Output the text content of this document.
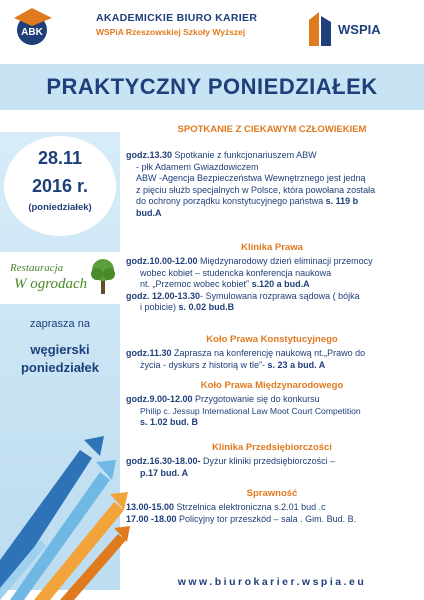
ABK
AKADEMICKIE BIURO KARIER
WSPiA Rzeszowskiej Szkoły Wyższej	WSPIA
PRAKTYCZNY PONIEDZIAŁEK
28.11
2016 r.
(poniedziałek)
Restauracja
W ogrodach
zaprasza na
węgierski
poniedziałek
SPOTKANIE Z CIEKAWYM CZŁOWIEKIEM
godz.13.30 Spotkanie z funkcjonariuszem ABW
- płk Adamem Gwiazdowiczem
ABW -Agencja Bezpieczeństwa Wewnętrznego jest jedną
z pięciu służb specjalnych w Polsce, która powołana została
do ochrony porządku konstytucyjnego państwa s. 119 b
bud.A
Klinika Prawa
godz.10.00-12.00 Międzynarodowy dzień eliminacji przemocy
wobec kobiet – studencka konferencja naukowa
nt. „Przemoc wobec kobiet” s.120 a bud.A
godz. 12.00-13.30- Symulowana rozprawa sądowa ( bójka
i pobicie) s. 0.02 bud.B
Koło Prawa Konstytucyjnego
godz.11.30 Zaprasza na konferencję naukową nt.„Prawo do
życia - dyskurs z historią w tle”- s. 23 a bud. A
Koło Prawa Międzynarodowego
godz.9.00-12.00 Przygotowanie się do konkursu
Philip c. Jessup International Law Moot Court Competition
s. 1.02 bud. B
Klinika Przedsiębiorczości
godz.16.30-18.00- Dyżur kliniki przedsiębiorczości –
p.17 bud. A
Sprawność
13.00-15.00 Strzelnica elektroniczna s.2.01 bud .c
17.00 -18.00 Policyjny tor przeszkód – sala . Gim. Bud. B.
www.biurokarier.wspia.eu
